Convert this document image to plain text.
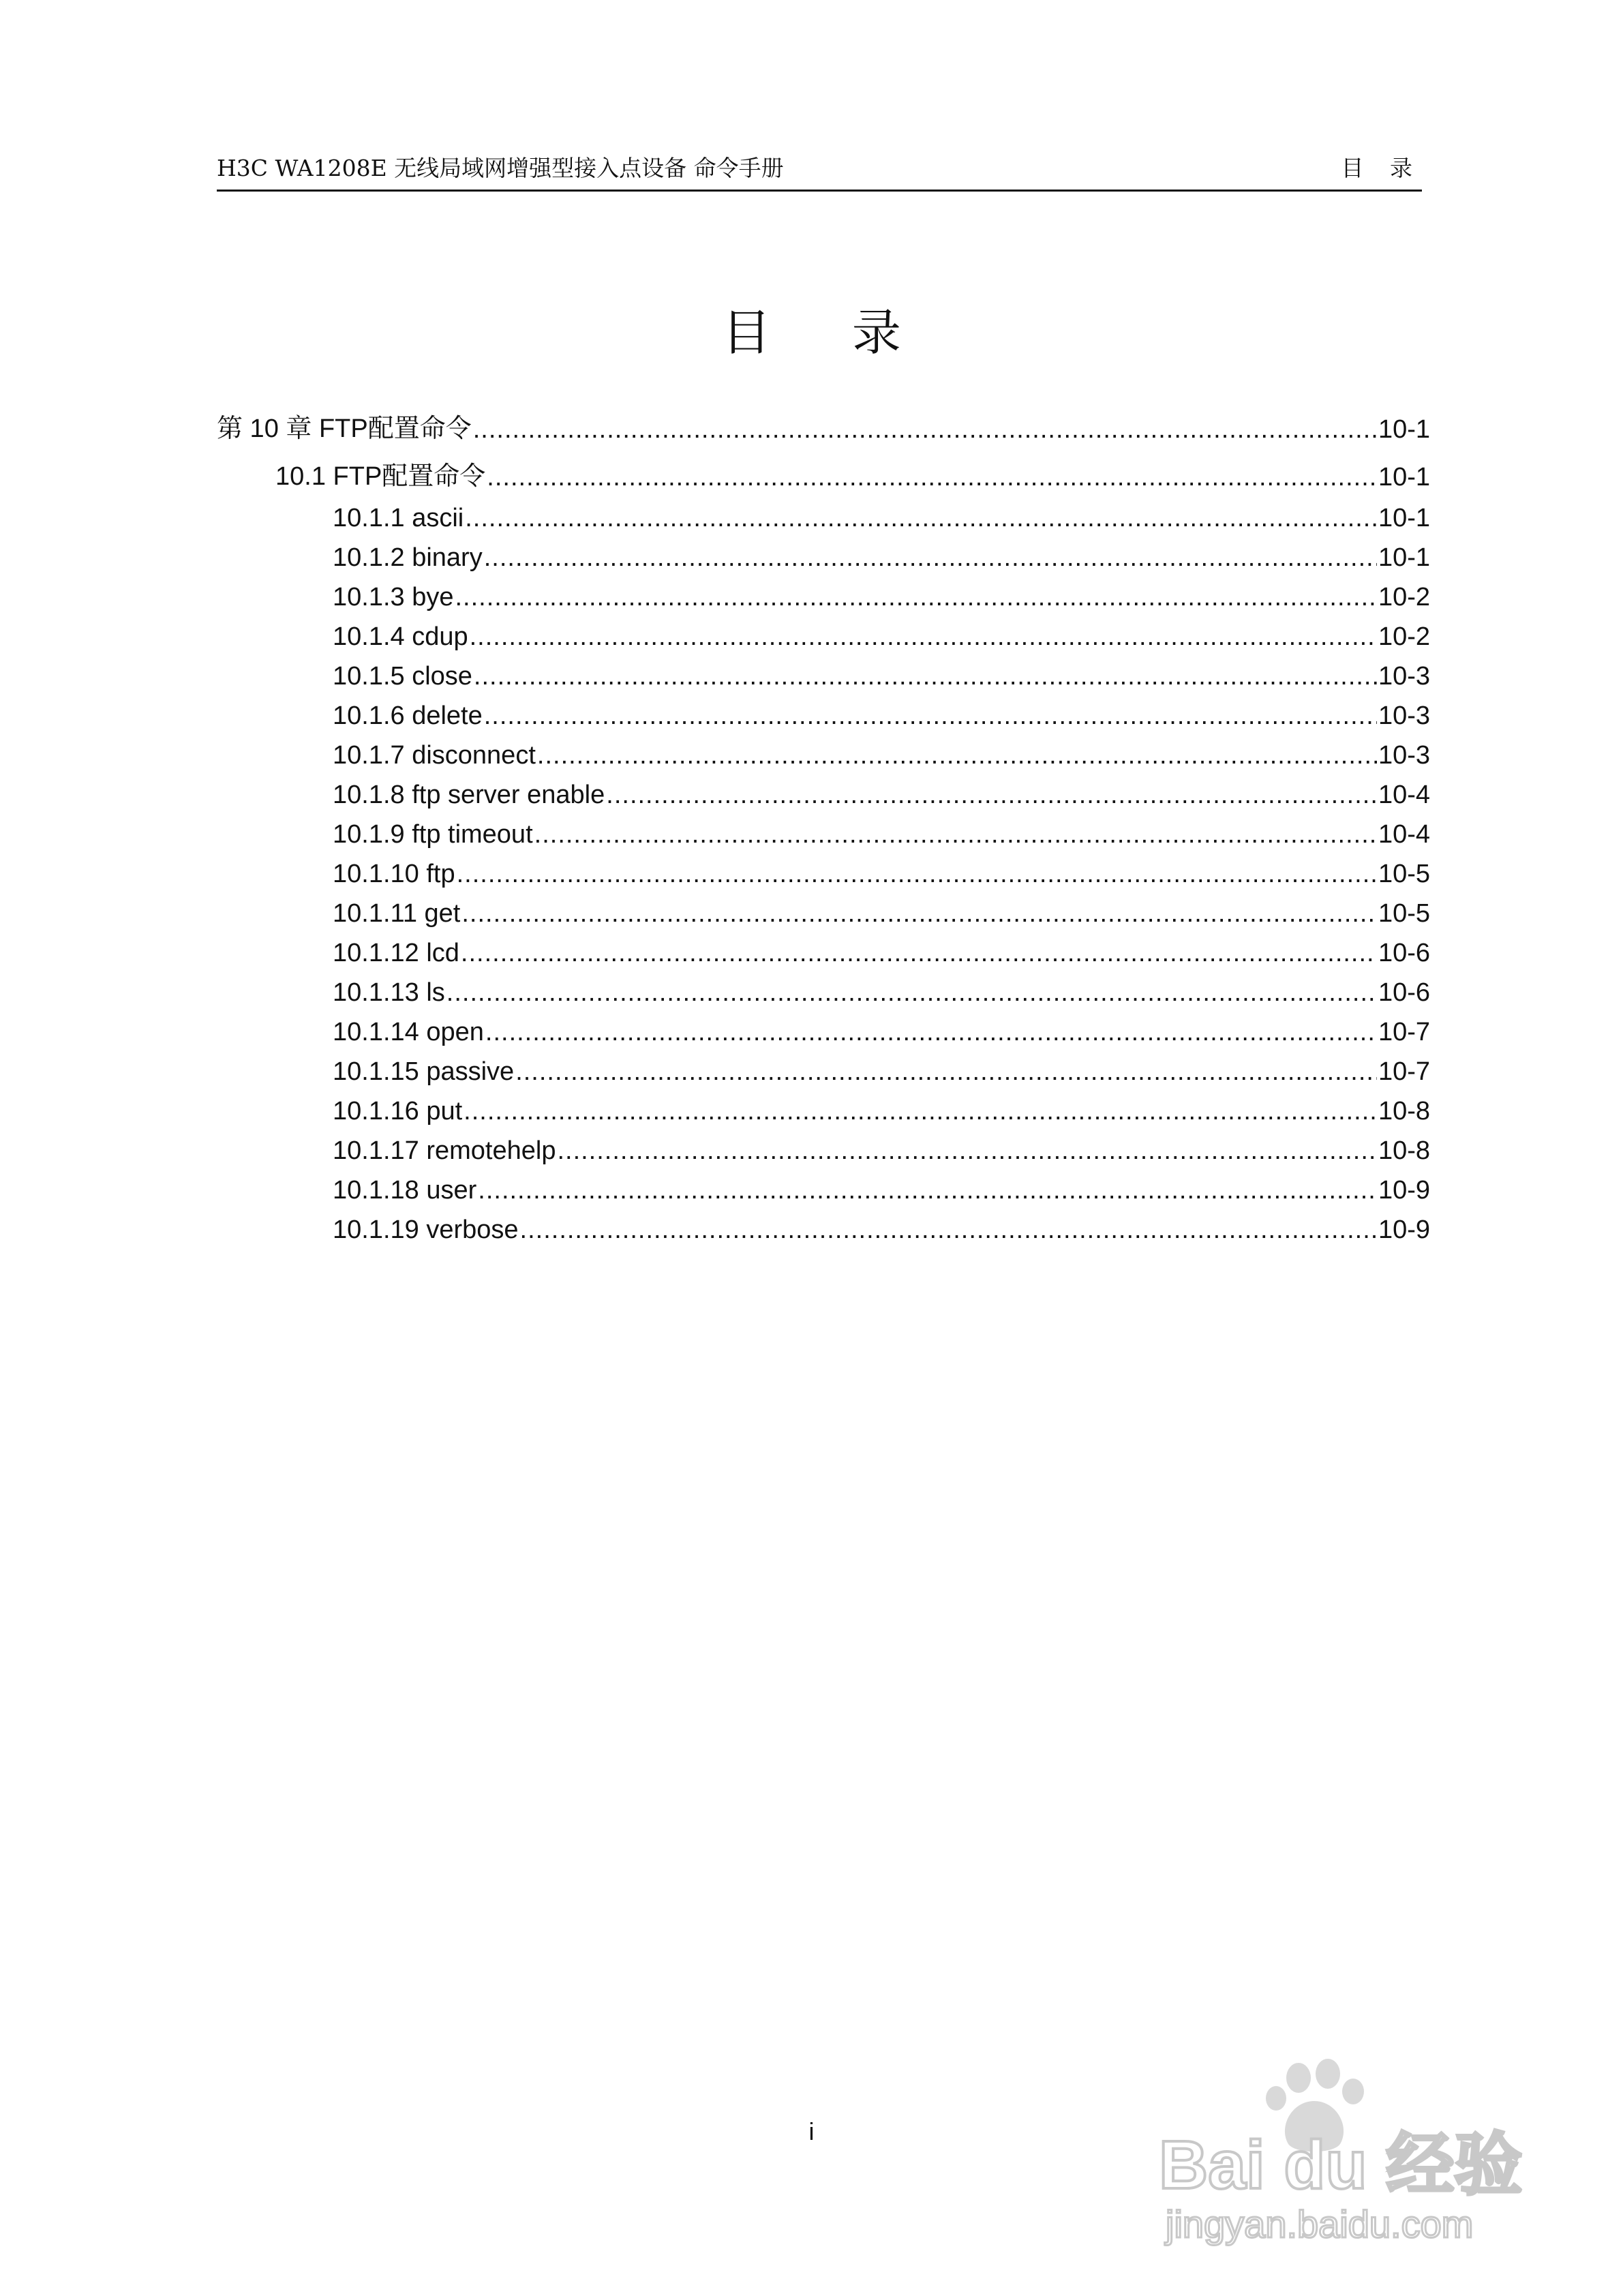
H3C WA1208E 无线局域网增强型接入点设备 命令手册	目 录
目 录
第 10 章 FTP配置命令 .....	10-1
10.1 FTP配置命令 .....	10-1
10.1.1 ascii .....	10-1
10.1.2 binary .....	10-1
10.1.3 bye .....	10-2
10.1.4 cdup .....	10-2
10.1.5 close .....	10-3
10.1.6 delete .....	10-3
10.1.7 disconnect .....	10-3
10.1.8 ftp server enable .....	10-4
10.1.9 ftp timeout .....	10-4
10.1.10 ftp .....	10-5
10.1.11 get .....	10-5
10.1.12 lcd .....	10-6
10.1.13 ls .....	10-6
10.1.14 open .....	10-7
10.1.15 passive .....	10-7
10.1.16 put .....	10-8
10.1.17 remotehelp .....	10-8
10.1.18 user .....	10-9
10.1.19 verbose .....	10-9
i	Bai du 经验
jingyan.baidu.com
